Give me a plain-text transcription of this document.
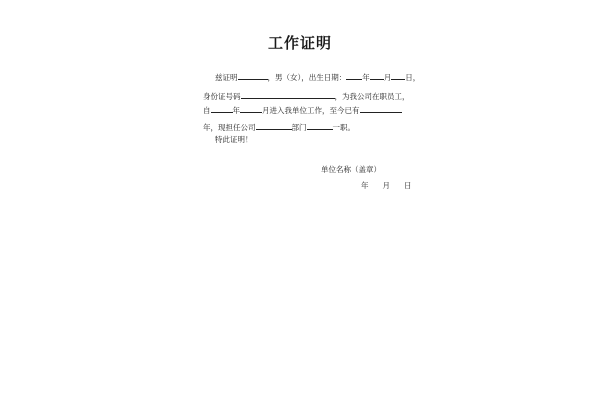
工作证明
兹证明	，男（女），出生日期： 年 月 日，
身份证号码	，为我公司在职员工，
自	年	月进入我单位工作，至今已有
年，现担任公司	部门	一职。
特此证明！
单位名称（盖章）
年 月 日
